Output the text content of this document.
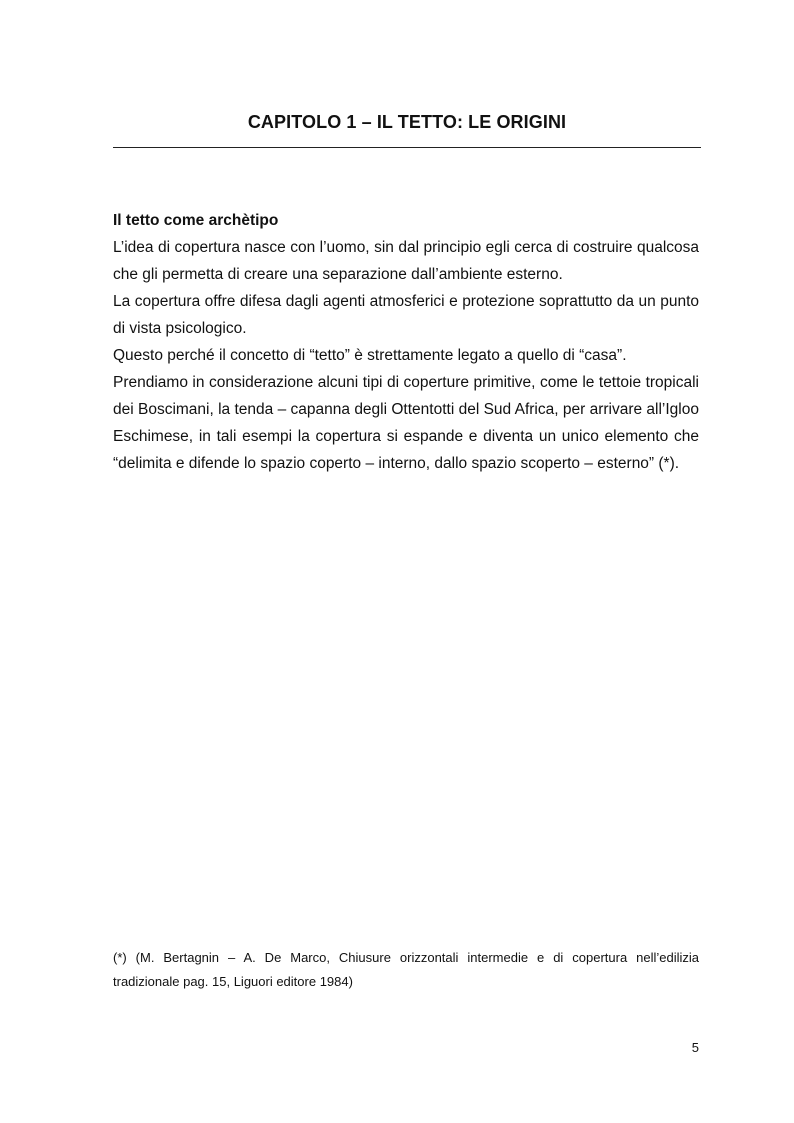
CAPITOLO 1 – IL TETTO: LE ORIGINI

Il tetto come archètipo

L’idea di copertura nasce con l’uomo, sin dal principio egli cerca di costruire qualcosa che gli permetta di creare una separazione dall’ambiente esterno.

La copertura offre difesa dagli agenti atmosferici e protezione soprattutto da un punto di vista psicologico.

Questo perché il concetto di “tetto” è strettamente legato a quello di “casa”.

Prendiamo in considerazione alcuni tipi di coperture primitive, come le tettoie tropicali dei Boscimani, la tenda – capanna degli Ottentotti del Sud Africa, per arrivare all’Igloo Eschimese, in tali esempi la copertura si espande e diventa un unico elemento che “delimita e difende lo spazio coperto – interno, dallo spazio scoperto – esterno” (*).

(*) (M. Bertagnin – A. De Marco, Chiusure orizzontali intermedie e di copertura nell’edilizia tradizionale pag. 15, Liguori editore 1984)

5
